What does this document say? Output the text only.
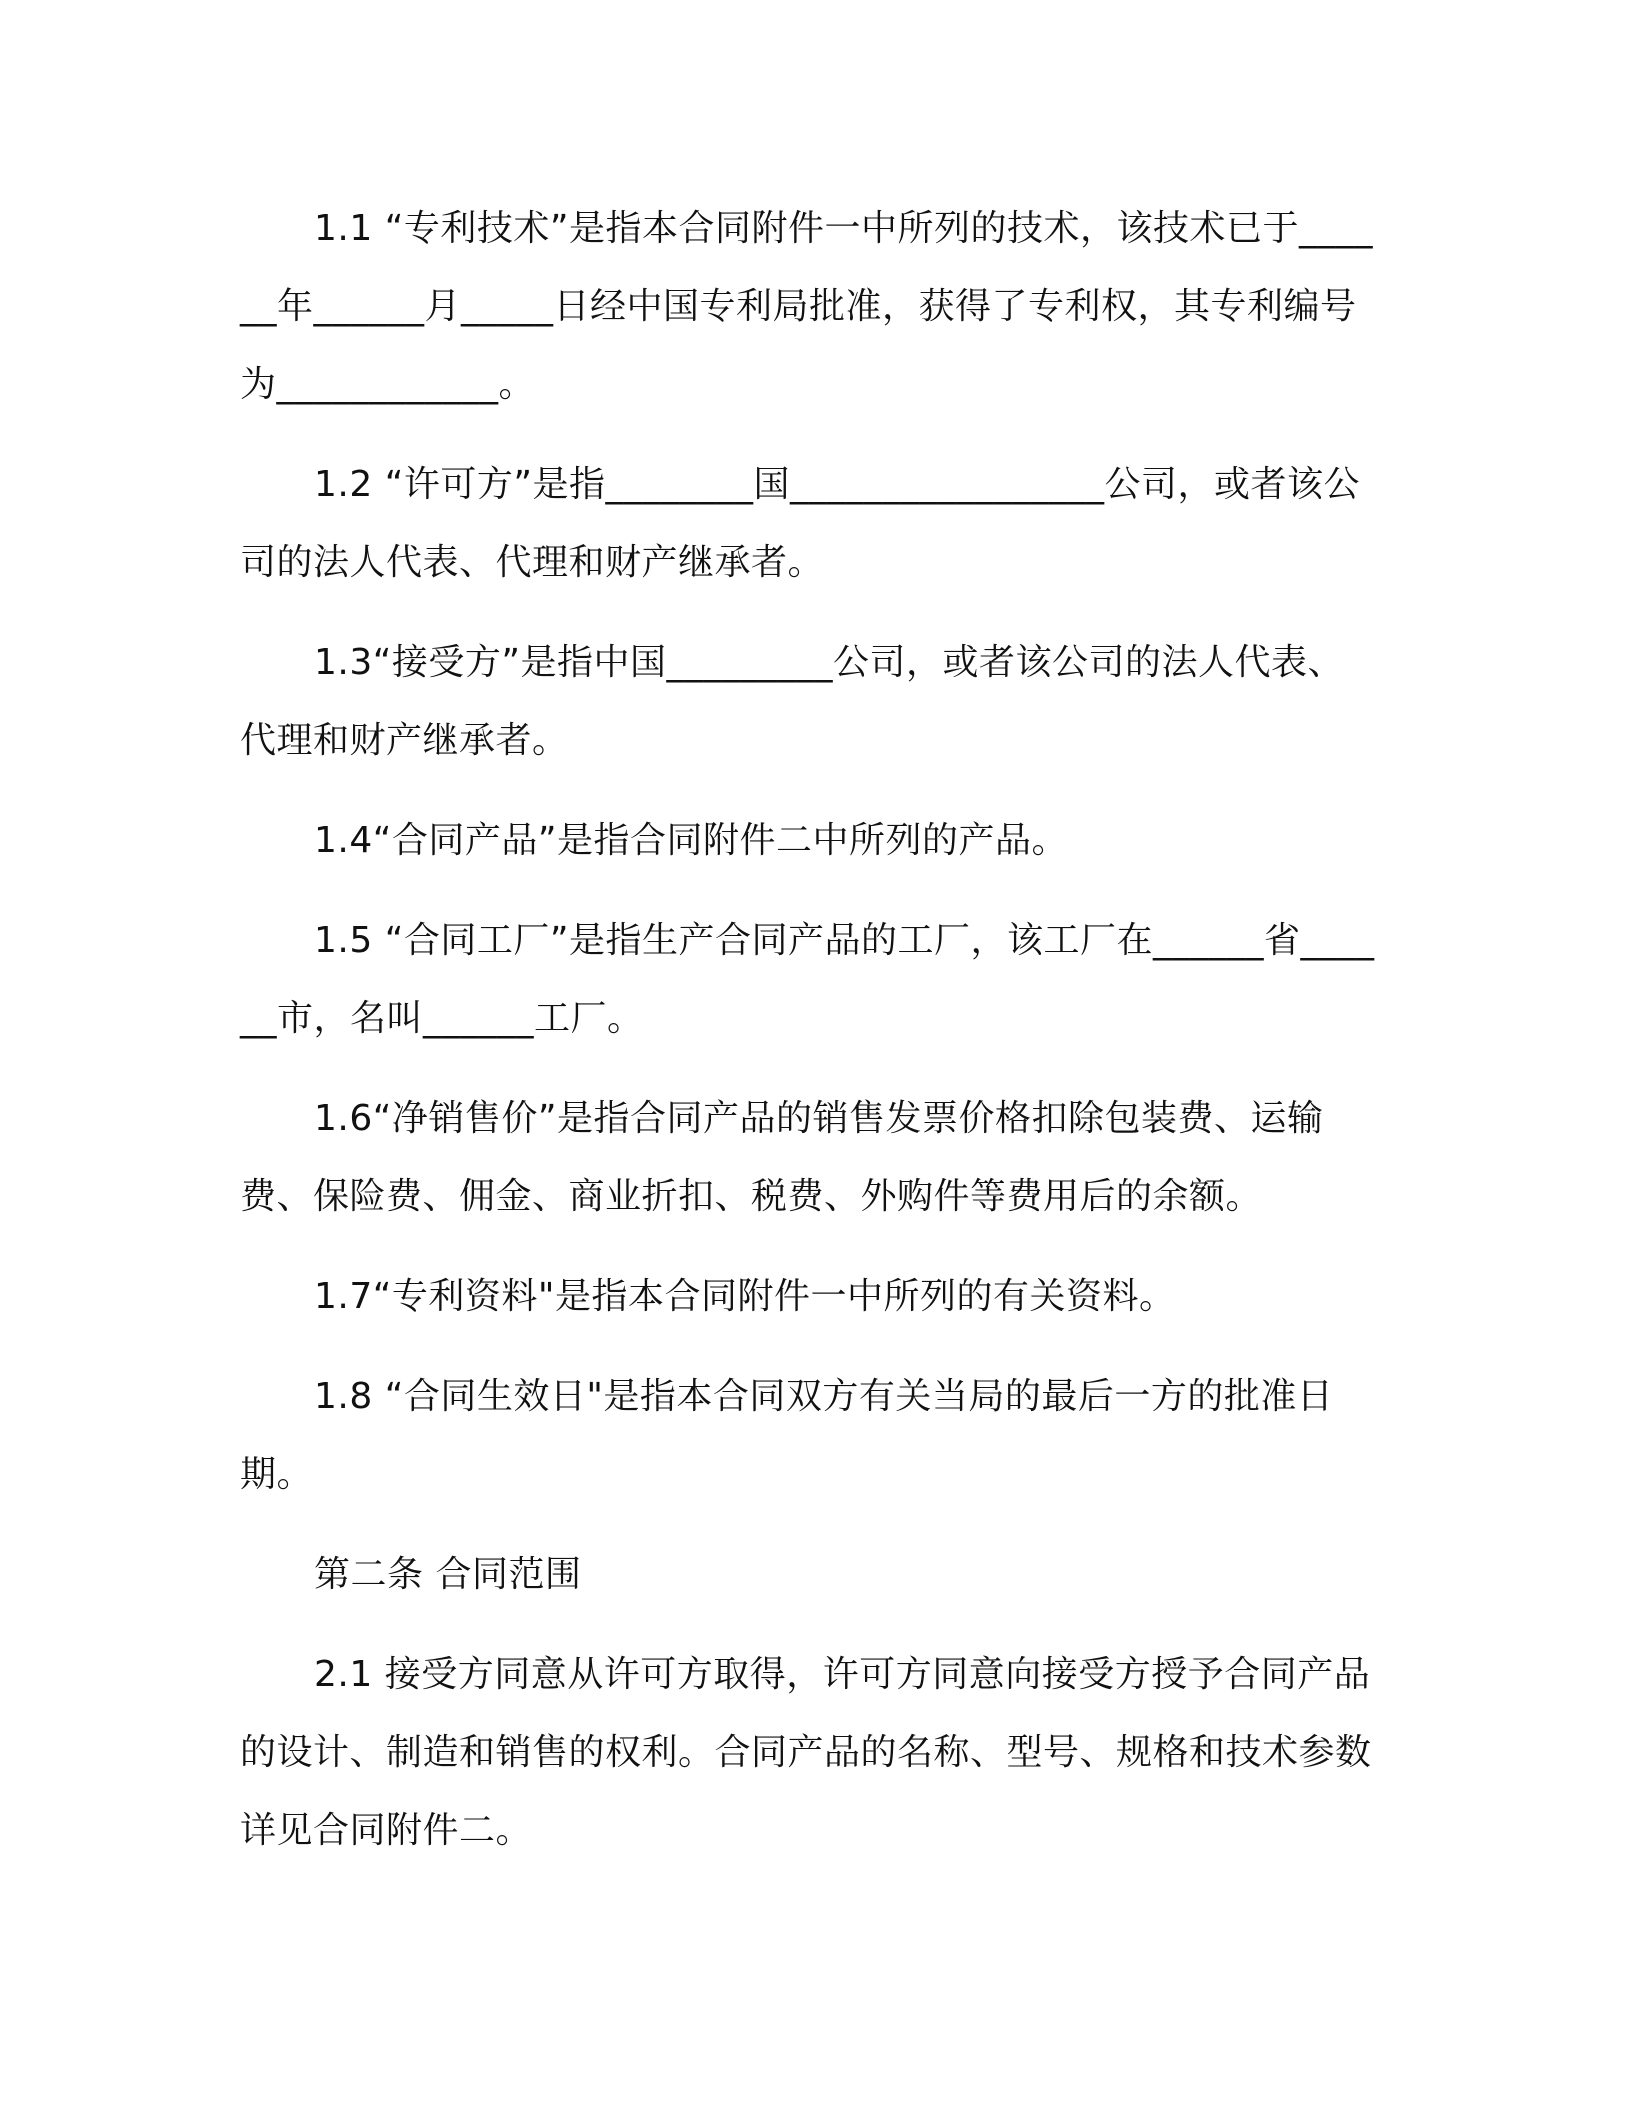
1.1 “专利技术”是指本合同附件一中所列的技术，该技术已于______年______月_____日经中国专利局批准，获得了专利权，其专利编号为____________。

1.2 “许可方”是指________国_________________公司，或者该公司的法人代表、代理和财产继承者。

1.3“接受方”是指中国_________公司，或者该公司的法人代表、代理和财产继承者。

1.4“合同产品”是指合同附件二中所列的产品。

1.5 “合同工厂”是指生产合同产品的工厂，该工厂在______省______市，名叫______工厂。

1.6“净销售价”是指合同产品的销售发票价格扣除包装费、运输费、保险费、佣金、商业折扣、税费、外购件等费用后的余额。

1.7“专利资料"是指本合同附件一中所列的有关资料。

1.8 “合同生效日"是指本合同双方有关当局的最后一方的批准日期。

第二条 合同范围

2.1 接受方同意从许可方取得，许可方同意向接受方授予合同产品的设计、制造和销售的权利。合同产品的名称、型号、规格和技术参数详见合同附件二。
